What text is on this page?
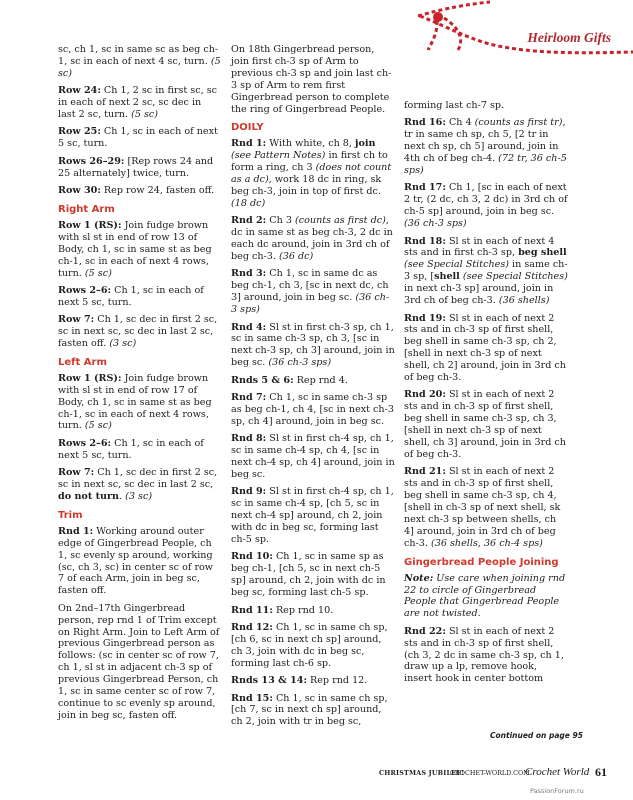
Heirloom Gifts

sc, ch 1, sc in same sc as beg ch-1, sc in each of next 4 sc, turn. (5 sc)

Row 24: Ch 1, 2 sc in first sc, sc in each of next 2 sc, sc dec in last 2 sc, turn. (5 sc)

Row 25: Ch 1, sc in each of next 5 sc, turn.

Rows 26–29: [Rep rows 24 and 25 alternately] twice, turn.

Row 30: Rep row 24, fasten off.

Right Arm

Row 1 (RS): Join fudge brown with sl st in end of row 13 of Body, ch 1, sc in same st as beg ch-1, sc in each of next 4 rows, turn. (5 sc)

Rows 2–6: Ch 1, sc in each of next 5 sc, turn.

Row 7: Ch 1, sc dec in first 2 sc, sc in next sc, sc dec in last 2 sc, fasten off. (3 sc)

Left Arm

Row 1 (RS): Join fudge brown with sl st in end of row 17 of Body, ch 1, sc in same st as beg ch-1, sc in each of next 4 rows, turn. (5 sc)

Rows 2–6: Ch 1, sc in each of next 5 sc, turn.

Row 7: Ch 1, sc dec in first 2 sc, sc in next sc, sc dec in last 2 sc, do not turn. (3 sc)

Trim

Rnd 1: Working around outer edge of Gingerbread People, ch 1, sc evenly sp around, working (sc, ch 3, sc) in center sc of row 7 of each Arm, join in beg sc, fasten off.

On 2nd–17th Gingerbread person, rep rnd 1 of Trim except on Right Arm. Join to Left Arm of previous Gingerbread person as follows: (sc in center sc of row 7, ch 1, sl st in adjacent ch-3 sp of previous Gingerbread Person, ch 1, sc in same center sc of row 7, continue to sc evenly sp around, join in beg sc, fasten off.

On 18th Gingerbread person, join first ch-3 sp of Arm to previous ch-3 sp and join last ch-3 sp of Arm to rem first Gingerbread person to complete the ring of Gingerbread People.

DOILY

Rnd 1: With white, ch 8, join (see Pattern Notes) in first ch to form a ring, ch 3 (does not count as a dc), work 18 dc in ring, sk beg ch-3, join in top of first dc. (18 dc)

Rnd 2: Ch 3 (counts as first dc), dc in same st as beg ch-3, 2 dc in each dc around, join in 3rd ch of beg ch-3. (36 dc)

Rnd 3: Ch 1, sc in same dc as beg ch-1, ch 3, [sc in next dc, ch 3] around, join in beg sc. (36 ch-3 sps)

Rnd 4: Sl st in first ch-3 sp, ch 1, sc in same ch-3 sp, ch 3, [sc in next ch-3 sp, ch 3] around, join in beg sc. (36 ch-3 sps)

Rnds 5 & 6: Rep rnd 4.

Rnd 7: Ch 1, sc in same ch-3 sp as beg ch-1, ch 4, [sc in next ch-3 sp, ch 4] around, join in beg sc.

Rnd 8: Sl st in first ch-4 sp, ch 1, sc in same ch-4 sp, ch 4, [sc in next ch-4 sp, ch 4] around, join in beg sc.

Rnd 9: Sl st in first ch-4 sp, ch 1, sc in same ch-4 sp, [ch 5, sc in next ch-4 sp] around, ch 2, join with dc in beg sc, forming last ch-5 sp.

Rnd 10: Ch 1, sc in same sp as beg ch-1, [ch 5, sc in next ch-5 sp] around, ch 2, join with dc in beg sc, forming last ch-5 sp.

Rnd 11: Rep rnd 10.

Rnd 12: Ch 1, sc in same ch sp, [ch 6, sc in next ch sp] around, ch 3, join with dc in beg sc, forming last ch-6 sp.

Rnds 13 & 14: Rep rnd 12.

Rnd 15: Ch 1, sc in same ch sp, [ch 7, sc in next ch sp] around, ch 2, join with tr in beg sc,

forming last ch-7 sp.

Rnd 16: Ch 4 (counts as first tr), tr in same ch sp, ch 5, [2 tr in next ch sp, ch 5] around, join in 4th ch of beg ch-4. (72 tr, 36 ch-5 sps)

Rnd 17: Ch 1, [sc in each of next 2 tr, (2 dc, ch 3, 2 dc) in 3rd ch of ch-5 sp] around, join in beg sc. (36 ch-3 sps)

Rnd 18: Sl st in each of next 4 sts and in first ch-3 sp, beg shell (see Special Stitches) in same ch-3 sp, [shell (see Special Stitches) in next ch-3 sp] around, join in 3rd ch of beg ch-3. (36 shells)

Rnd 19: Sl st in each of next 2 sts and in ch-3 sp of first shell, beg shell in same ch-3 sp, ch 2, [shell in next ch-3 sp of next shell, ch 2] around, join in 3rd ch of beg ch-3.

Rnd 20: Sl st in each of next 2 sts and in ch-3 sp of first shell, beg shell in same ch-3 sp, ch 3, [shell in next ch-3 sp of next shell, ch 3] around, join in 3rd ch of beg ch-3.

Rnd 21: Sl st in each of next 2 sts and in ch-3 sp of first shell, beg shell in same ch-3 sp, ch 4, [shell in ch-3 sp of next shell, sk next ch-3 sp between shells, ch 4] around, join in 3rd ch of beg ch-3. (36 shells, 36 ch-4 sps)

Gingerbread People Joining

Note: Use care when joining rnd 22 to circle of Gingerbread People that Gingerbread People are not twisted.

Rnd 22: Sl st in each of next 2 sts and in ch-3 sp of first shell, (ch 3, 2 dc in same ch-3 sp, ch 1, draw up a lp, remove hook, insert hook in center bottom

Continued on page 95
CHRISTMAS JUBILEE!
CROCHET-WORLD.COM
Crochet World 61
PassionForum.ru
